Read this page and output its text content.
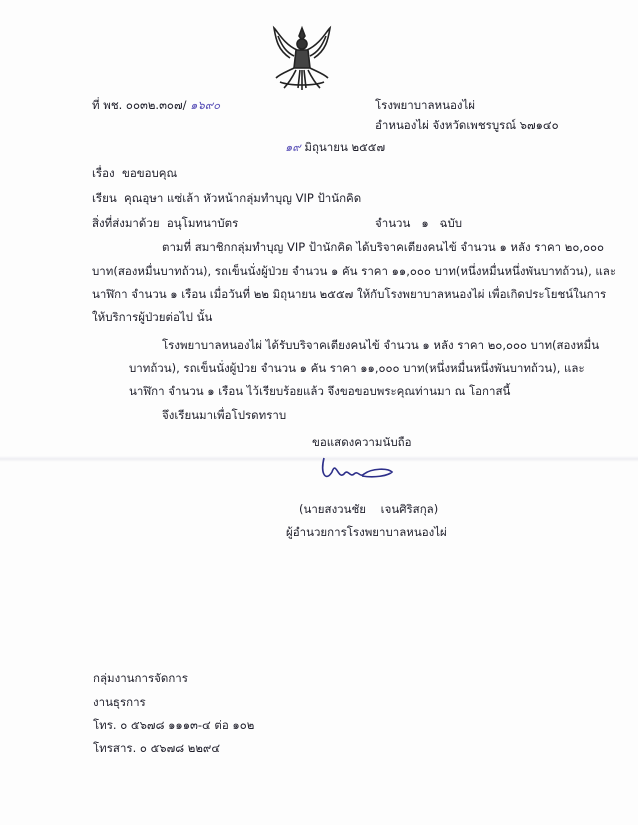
ที่ พช. ๐๐๓๒.๓๐๗/ ๑๖๙๐	โรงพยาบาลหนองไผ่
อำหนองไผ่ จังหวัดเพชรบูรณ์ ๖๗๑๔๐
๑๙ มิถุนายน ๒๕๕๗
เรื่อง ขอขอบคุณ
เรียน คุณอุษา แซ่เล้า หัวหน้ากลุ่มทำบุญ VIP ป้านักคิด
สิ่งที่ส่งมาด้วย อนุโมทนาบัตร	จำนวน   ๑   ฉบับ
ตามที่ สมาชิกกลุ่มทำบุญ VIP ป้านักคิด ได้บริจาคเตียงคนไข้ จำนวน ๑ หลัง ราคา ๒๐,๐๐๐
บาท(สองหมื่นบาทถ้วน), รถเข็นนั่งผู้ป่วย จำนวน ๑ คัน ราคา ๑๑,๐๐๐ บาท(หนึ่งหมื่นหนึ่งพันบาทถ้วน), และ
นาฬิกา จำนวน ๑ เรือน เมื่อวันที่ ๒๒ มิถุนายน ๒๕๕๗ ให้กับโรงพยาบาลหนองไผ่ เพื่อเกิดประโยชน์ในการ
ให้บริการผู้ป่วยต่อไป นั้น
โรงพยาบาลหนองไผ่ ได้รับบริจาคเตียงคนไข้ จำนวน ๑ หลัง ราคา ๒๐,๐๐๐ บาท(สองหมื่น
บาทถ้วน), รถเข็นนั่งผู้ป่วย จำนวน ๑ คัน ราคา ๑๑,๐๐๐ บาท(หนึ่งหมื่นหนึ่งพันบาทถ้วน), และ
นาฬิกา จำนวน ๑ เรือน ไว้เรียบร้อยแล้ว จึงขอขอบพระคุณท่านมา ณ โอกาสนี้
จึงเรียนมาเพื่อโปรดทราบ
ขอแสดงความนับถือ
(นายสงวนชัย    เจนศิริสกุล)
ผู้อำนวยการโรงพยาบาลหนองไผ่
กลุ่มงานการจัดการ
งานธุรการ
โทร. ๐ ๕๖๗๘ ๑๑๑๓-๔ ต่อ ๑๐๒
โทรสาร. ๐ ๕๖๗๘ ๒๒๙๔
